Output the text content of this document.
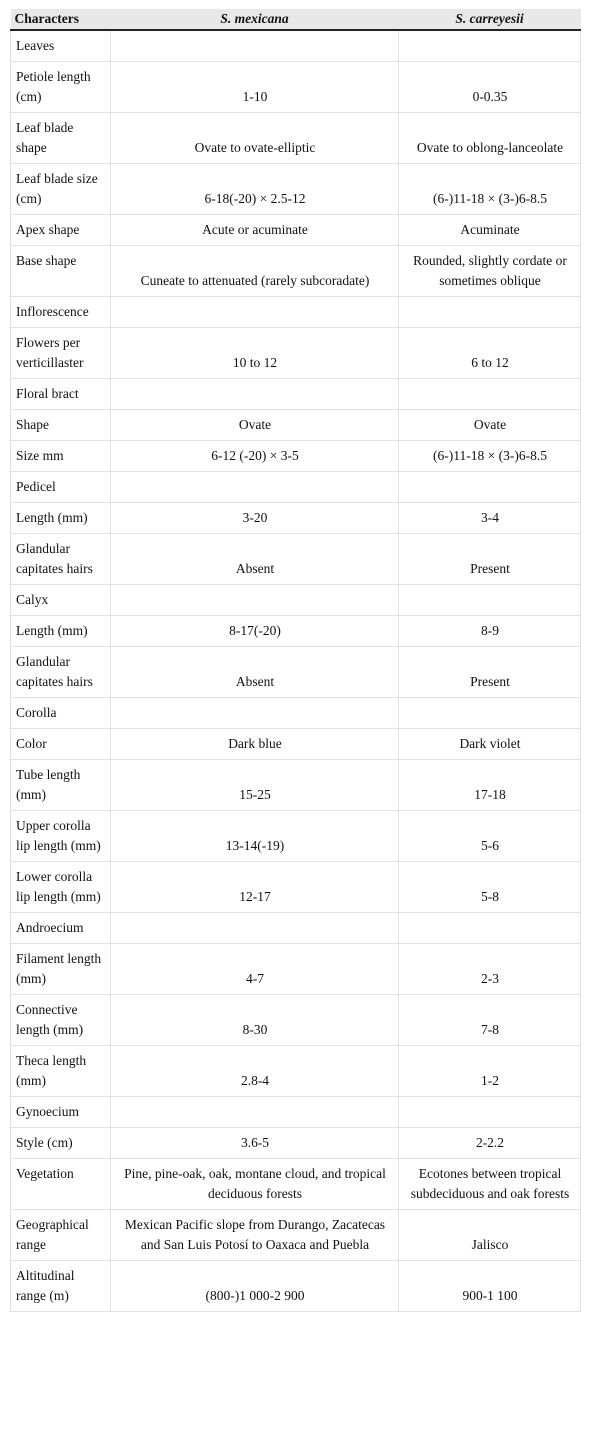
Characters	S. mexicana	S. carreyesii
Leaves		
Petiole length (cm)	1-10	0-0.35
Leaf blade shape	Ovate to ovate-elliptic	Ovate to oblong-lanceolate
Leaf blade size (cm)	6-18(-20) × 2.5-12	(6-)11-18 × (3-)6-8.5
Apex shape	Acute or acuminate	Acuminate
Base shape	Cuneate to attenuated (rarely subcoradate)	Rounded, slightly cordate or sometimes oblique
Inflorescence		
Flowers per verticillaster	10 to 12	6 to 12
Floral bract		
Shape	Ovate	Ovate
Size mm	6-12 (-20) × 3-5	(6-)11-18 × (3-)6-8.5
Pedicel		
Length (mm)	3-20	3-4
Glandular capitates hairs	Absent	Present
Calyx		
Length (mm)	8-17(-20)	8-9
Glandular capitates hairs	Absent	Present
Corolla		
Color	Dark blue	Dark violet
Tube length (mm)	15-25	17-18
Upper corolla lip length (mm)	13-14(-19)	5-6
Lower corolla lip length (mm)	12-17	5-8
Androecium		
Filament length (mm)	4-7	2-3
Connective length (mm)	8-30	7-8
Theca length (mm)	2.8-4	1-2
Gynoecium		
Style (cm)	3.6-5	2-2.2
Vegetation	Pine, pine-oak, oak, montane cloud, and tropical deciduous forests	Ecotones between tropical subdeciduous and oak forests
Geographical range	Mexican Pacific slope from Durango, Zacatecas and San Luis Potosí to Oaxaca and Puebla	Jalisco
Altitudinal range (m)	(800-)1 000-2 900	900-1 100
